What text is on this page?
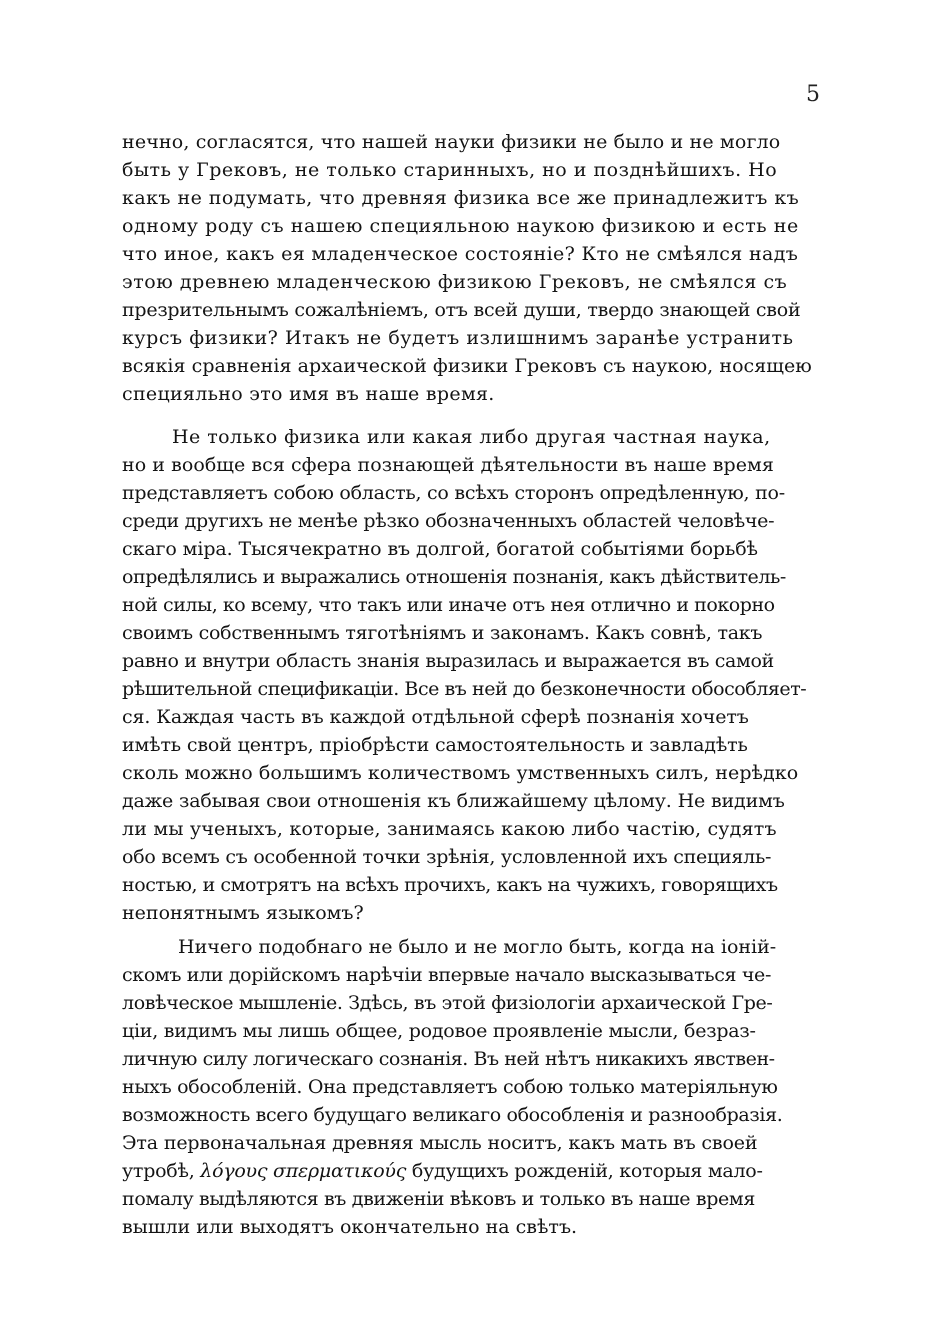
5
нечно, согласятся, что нашей науки физики не было и не могло
быть у Грековъ, не только старинныхъ, но и позднѣйшихъ. Но
какъ не подумать, что древняя физика все же принадлежитъ къ
одному роду съ нашею специяльною наукою физикою и есть не
что иное, какъ ея младенческое состоянiе? Кто не смѣялся надъ
этою древнею младенческою физикою Грековъ, не смѣялся съ
презрительнымъ сожалѣнiемъ, отъ всей души, твердо знающей свой
курсъ физики? Итакъ не будетъ излишнимъ заранѣе устранить
всякiя сравненiя архаической физики Грековъ съ наукою, носящею
специяльно это имя въ наше время.
Не только физика или какая либо другая частная наука,
но и вообще вся сфера познающей дѣятельности въ наше время
представляетъ собою область, со всѣхъ сторонъ опредѣленную, по-
среди другихъ не менѣе рѣзко обозначенныхъ областей человѣче-
скаго мiра. Тысячекратно въ долгой, богатой событiями борьбѣ
опредѣлялись и выражались отношенiя познанiя, какъ дѣйствитель-
ной силы, ко всему, что такъ или иначе отъ нея отлично и покорно
своимъ собственнымъ тяготѣнiямъ и законамъ. Какъ совнѣ, такъ
равно и внутри область знанiя выразилась и выражается въ самой
рѣшительной спецификацiи. Все въ ней до безконечности обособляет-
ся. Каждая часть въ каждой отдѣльной сферѣ познанiя хочетъ
имѣть свой центръ, прiобрѣсти самостоятельность и завладѣть
сколь можно большимъ количествомъ умственныхъ силъ, нерѣдко
даже забывая свои отношенiя къ ближайшему цѣлому. Не видимъ
ли мы ученыхъ, которые, занимаясь какою либо частiю, судятъ
обо всемъ съ особенной точки зрѣнiя, условленной ихъ специяль-
ностью, и смотрятъ на всѣхъ прочихъ, какъ на чужихъ, говорящихъ
непонятнымъ языкомъ?
Ничего подобнаго не было и не могло быть, когда на iонiй-
скомъ или дорiйскомъ нарѣчiи впервые начало высказываться че-
ловѣческое мышленiе. Здѣсь, въ этой физiологiи архаической Гре-
цiи, видимъ мы лишь общее, родовое проявленiе мысли, безраз-
личную силу логическаго сознанiя. Въ ней нѣтъ никакихъ явствен-
ныхъ обособленiй. Она представляетъ собою только матерiяльную
возможность всего будущаго великаго обособленiя и разнообразiя.
Эта первоначальная древняя мысль носитъ, какъ мать въ своей
утробѣ, λόγους σπερματικούς будущихъ рожденiй, которыя мало-
помалу выдѣляются въ движенiи вѣковъ и только въ наше время
вышли или выходятъ окончательно на свѣтъ.
